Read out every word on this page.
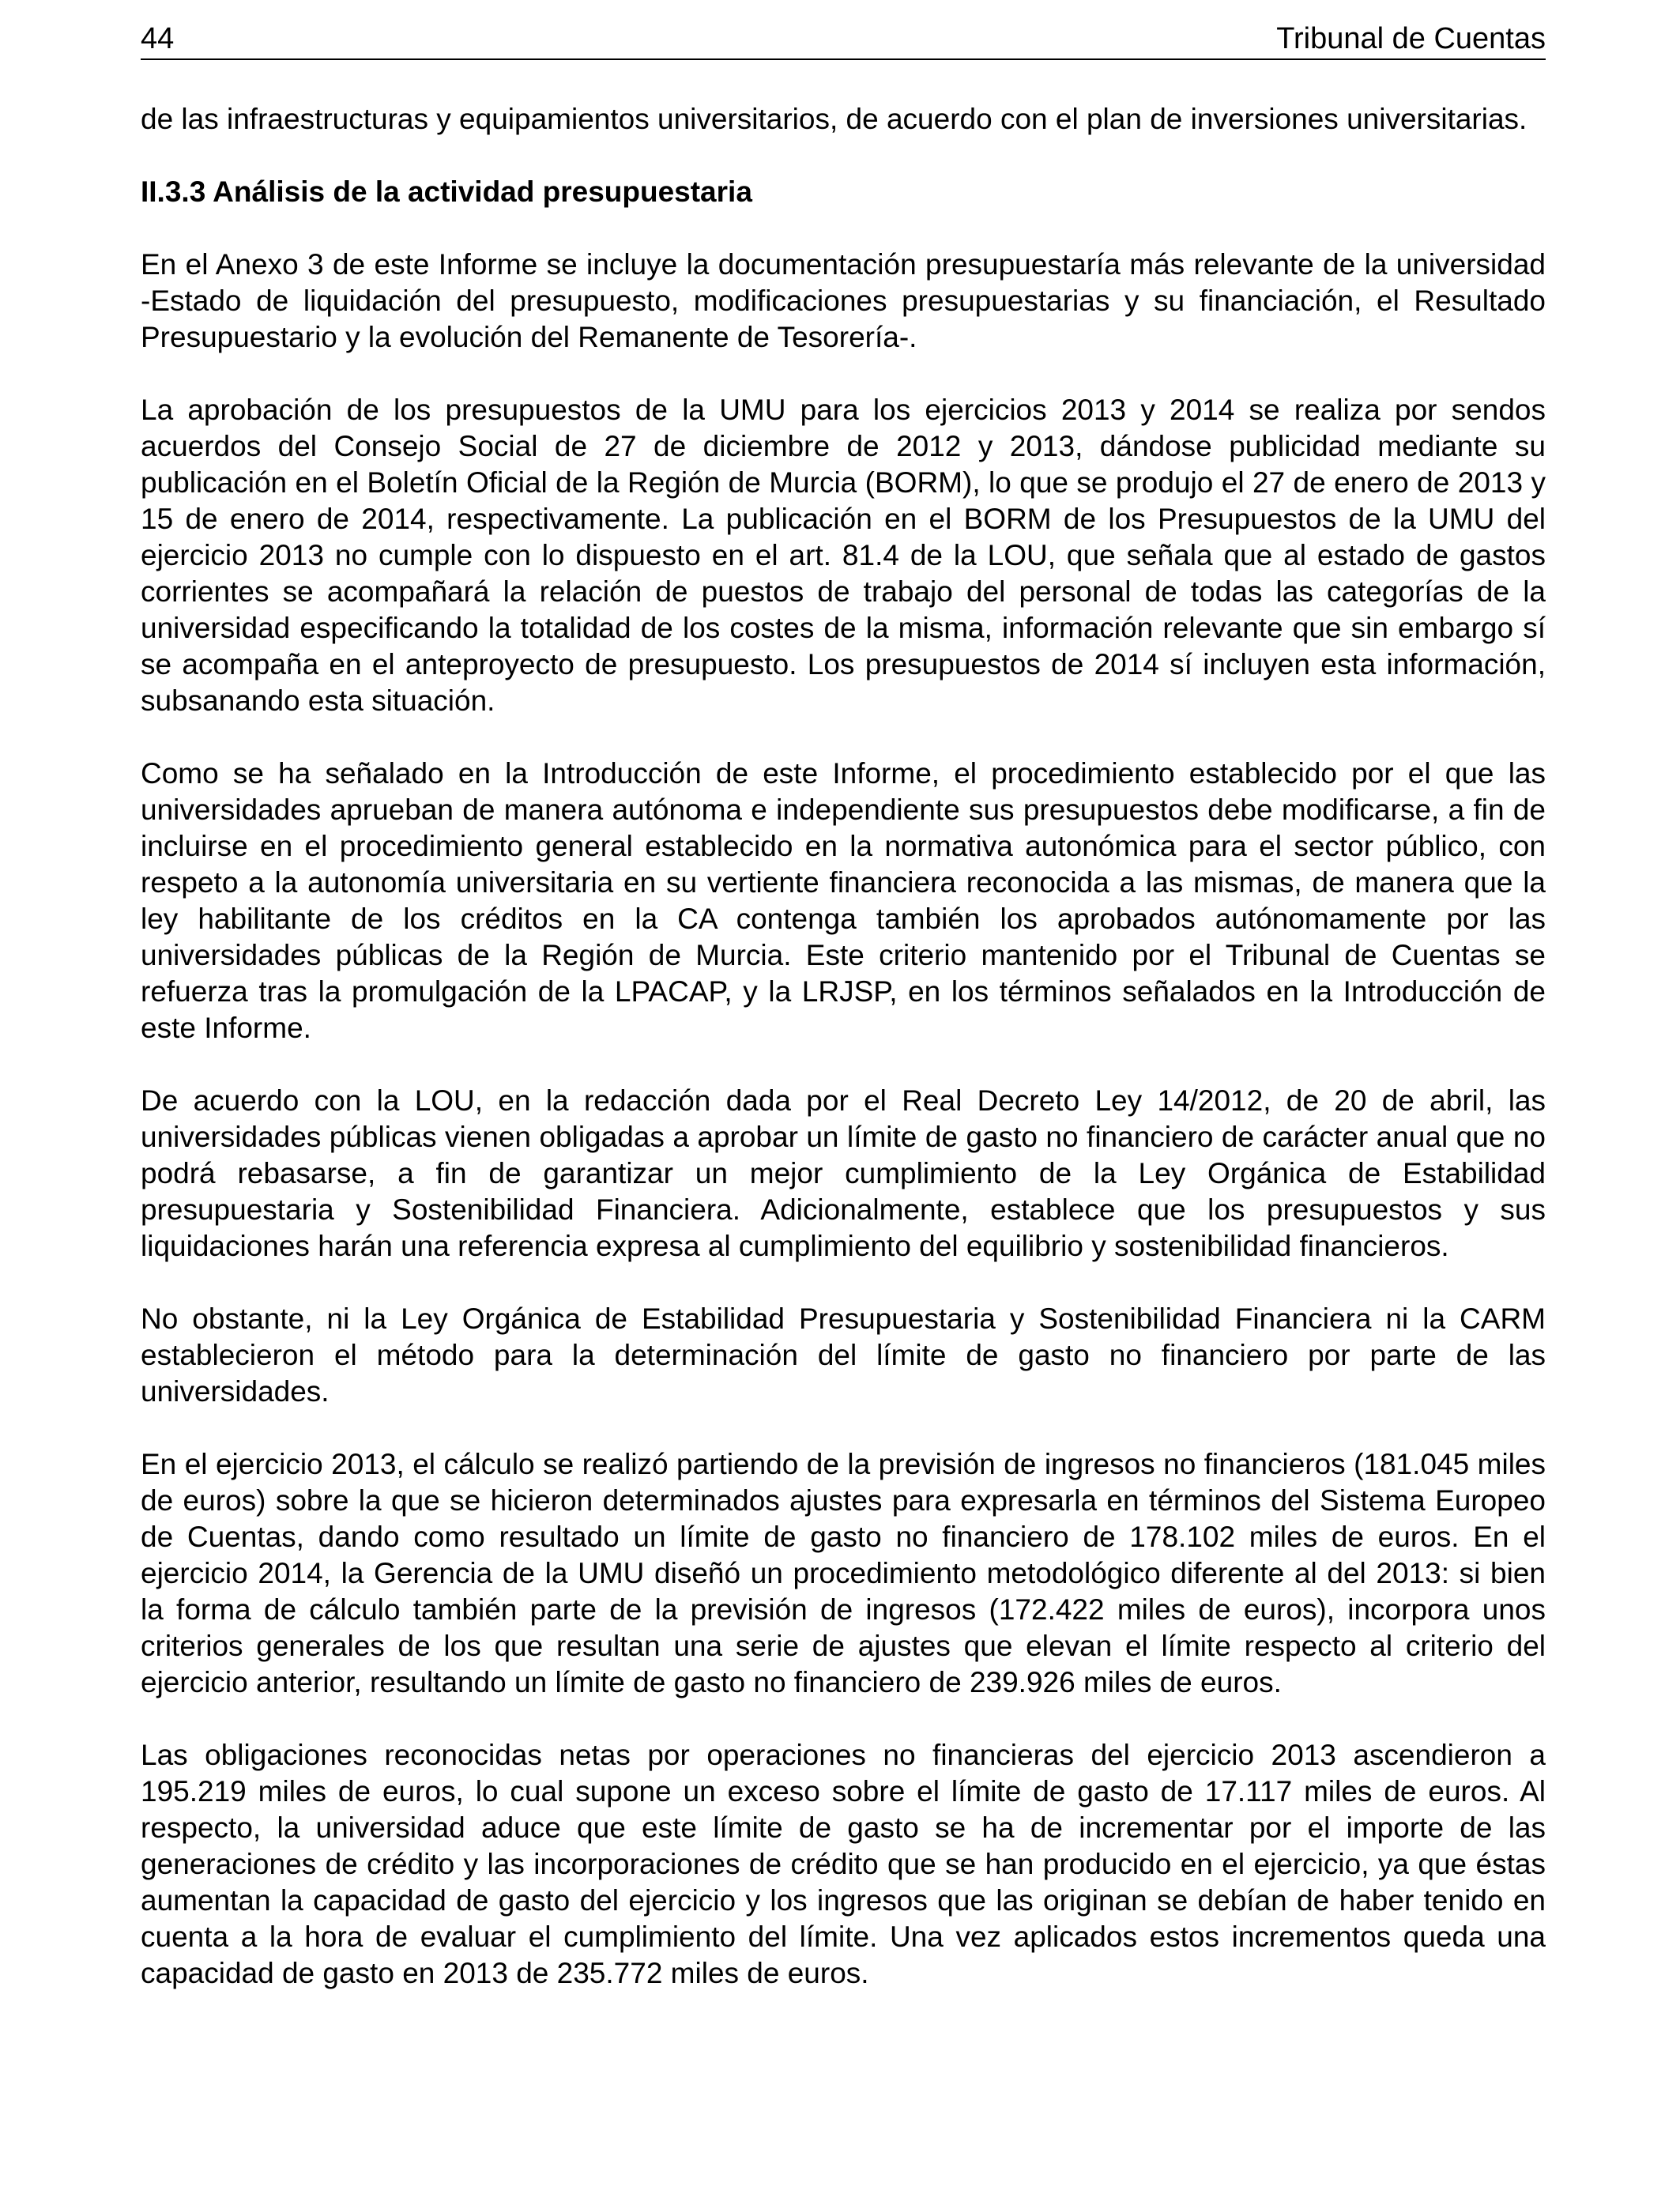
44	Tribunal de Cuentas

de las infraestructuras y equipamientos universitarios, de acuerdo con el plan de inversiones universitarias.

II.3.3 Análisis de la actividad presupuestaria

En el Anexo 3 de este Informe se incluye la documentación presupuestaría más relevante de la universidad -Estado de liquidación del presupuesto, modificaciones presupuestarias y su financiación, el Resultado Presupuestario y la evolución del Remanente de Tesorería-.

La aprobación de los presupuestos de la UMU para los ejercicios 2013 y 2014 se realiza por sendos acuerdos del Consejo Social de 27 de diciembre de 2012 y 2013, dándose publicidad mediante su publicación en el Boletín Oficial de la Región de Murcia (BORM), lo que se produjo el 27 de enero de 2013 y 15 de enero de 2014, respectivamente. La publicación en el BORM de los Presupuestos de la UMU del ejercicio 2013 no cumple con lo dispuesto en el art. 81.4 de la LOU, que señala que al estado de gastos corrientes se acompañará la relación de puestos de trabajo del personal de todas las categorías de la universidad especificando la totalidad de los costes de la misma, información relevante que sin embargo sí se acompaña en el anteproyecto de presupuesto. Los presupuestos de 2014 sí incluyen esta información, subsanando esta situación.

Como se ha señalado en la Introducción de este Informe, el procedimiento establecido por el que las universidades aprueban de manera autónoma e independiente sus presupuestos debe modificarse, a fin de incluirse en el procedimiento general establecido en la normativa autonómica para el sector público, con respeto a la autonomía universitaria en su vertiente financiera reconocida a las mismas, de manera que la ley habilitante de los créditos en la CA contenga también los aprobados autónomamente por las universidades públicas de la Región de Murcia. Este criterio mantenido por el Tribunal de Cuentas se refuerza tras la promulgación de la LPACAP, y la LRJSP, en los términos señalados en la Introducción de este Informe.

De acuerdo con la LOU, en la redacción dada por el Real Decreto Ley 14/2012, de 20 de abril, las universidades públicas vienen obligadas a aprobar un límite de gasto no financiero de carácter anual que no podrá rebasarse, a fin de garantizar un mejor cumplimiento de la Ley Orgánica de Estabilidad presupuestaria y Sostenibilidad Financiera. Adicionalmente, establece que los presupuestos y sus liquidaciones harán una referencia expresa al cumplimiento del equilibrio y sostenibilidad financieros.

No obstante, ni la Ley Orgánica de Estabilidad Presupuestaria y Sostenibilidad Financiera ni la CARM establecieron el método para la determinación del límite de gasto no financiero por parte de las universidades.

En el ejercicio 2013, el cálculo se realizó partiendo de la previsión de ingresos no financieros (181.045 miles de euros) sobre la que se hicieron determinados ajustes para expresarla en términos del Sistema Europeo de Cuentas, dando como resultado un límite de gasto no financiero de 178.102 miles de euros. En el ejercicio 2014, la Gerencia de la UMU diseñó un procedimiento metodológico diferente al del 2013: si bien la forma de cálculo también parte de la previsión de ingresos (172.422 miles de euros), incorpora unos criterios generales de los que resultan una serie de ajustes que elevan el límite respecto al criterio del ejercicio anterior, resultando un límite de gasto no financiero de 239.926 miles de euros.

Las obligaciones reconocidas netas por operaciones no financieras del ejercicio 2013 ascendieron a 195.219 miles de euros, lo cual supone un exceso sobre el límite de gasto de 17.117 miles de euros. Al respecto, la universidad aduce que este límite de gasto se ha de incrementar por el importe de las generaciones de crédito y las incorporaciones de crédito que se han producido en el ejercicio, ya que éstas aumentan la capacidad de gasto del ejercicio y los ingresos que las originan se debían de haber tenido en cuenta a la hora de evaluar el cumplimiento del límite. Una vez aplicados estos incrementos queda una capacidad de gasto en 2013 de 235.772 miles de euros.
